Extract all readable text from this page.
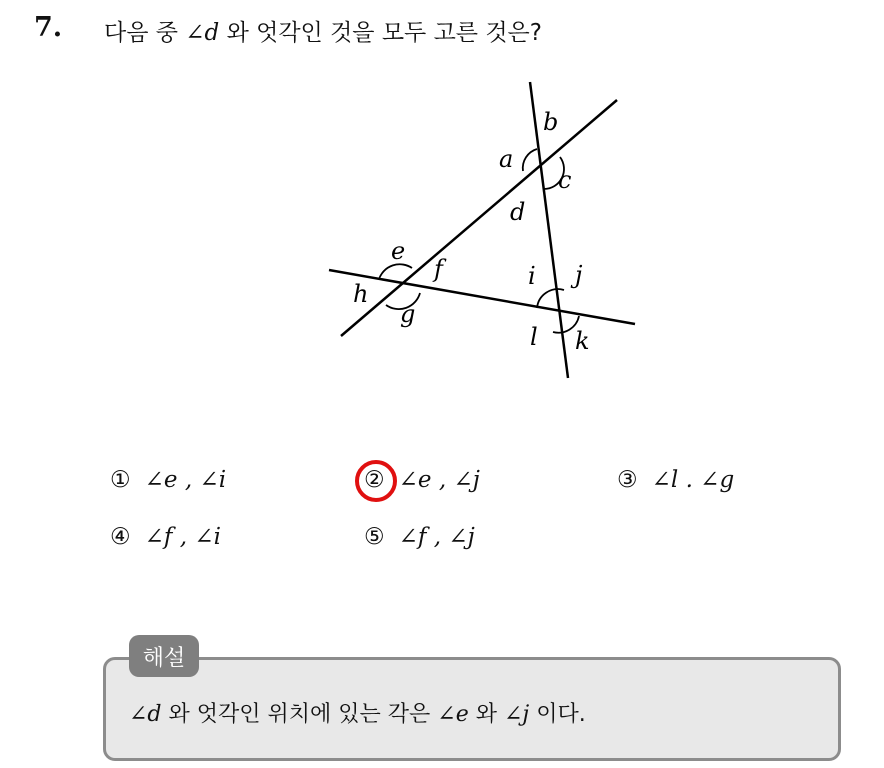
7. 다음 중 ∠d 와 엇각인 것을 모두 고른 것은?
a
b
c
d
e
f
g
h
i j
k
l
① ∠e , ∠i	② ∠e , ∠j	③ ∠l . ∠g
④ ∠f , ∠i	⑤ ∠f , ∠j
해설
∠d 와 엇각인 위치에 있는 각은 ∠e 와 ∠j 이다.
